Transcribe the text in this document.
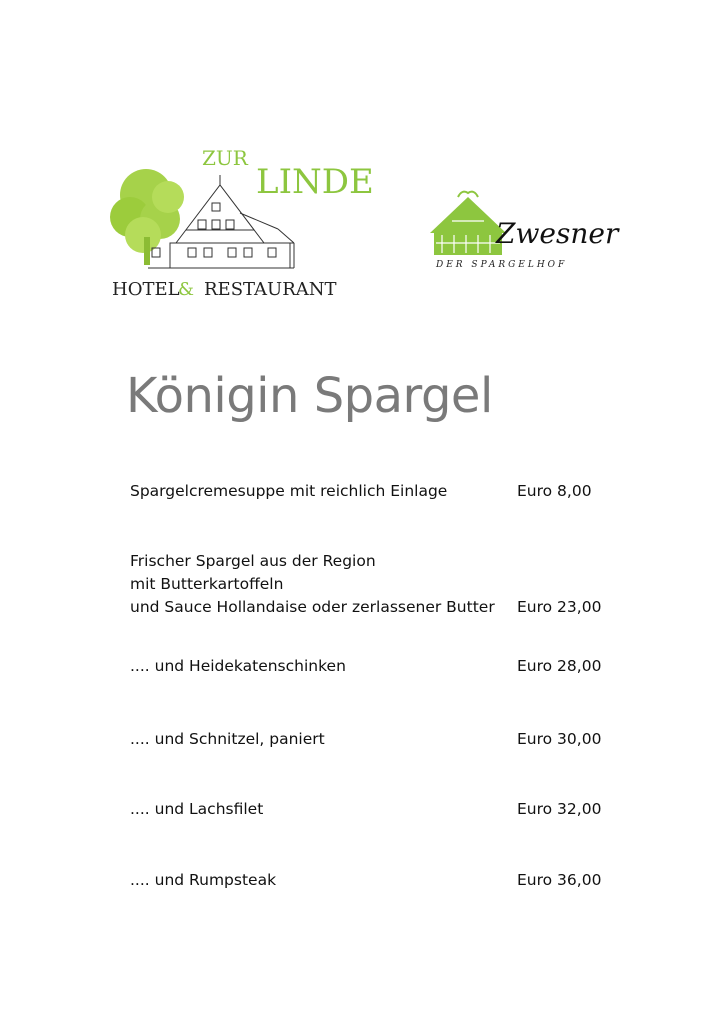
ZUR
LINDE
HOTEL
& RESTAURANT
Zwesner
DER SPARGELHOF
Königin Spargel
Spargelcremesuppe mit reichlich Einlage	Euro 8,00
Frischer Spargel aus der Region
mit Butterkartoffeln
und Sauce Hollandaise oder zerlassener Butter Euro 23,00
.... und Heidekatenschinken	Euro 28,00
.... und Schnitzel, paniert	Euro 30,00
.... und Lachsfilet	Euro 32,00
.... und Rumpsteak	Euro 36,00
